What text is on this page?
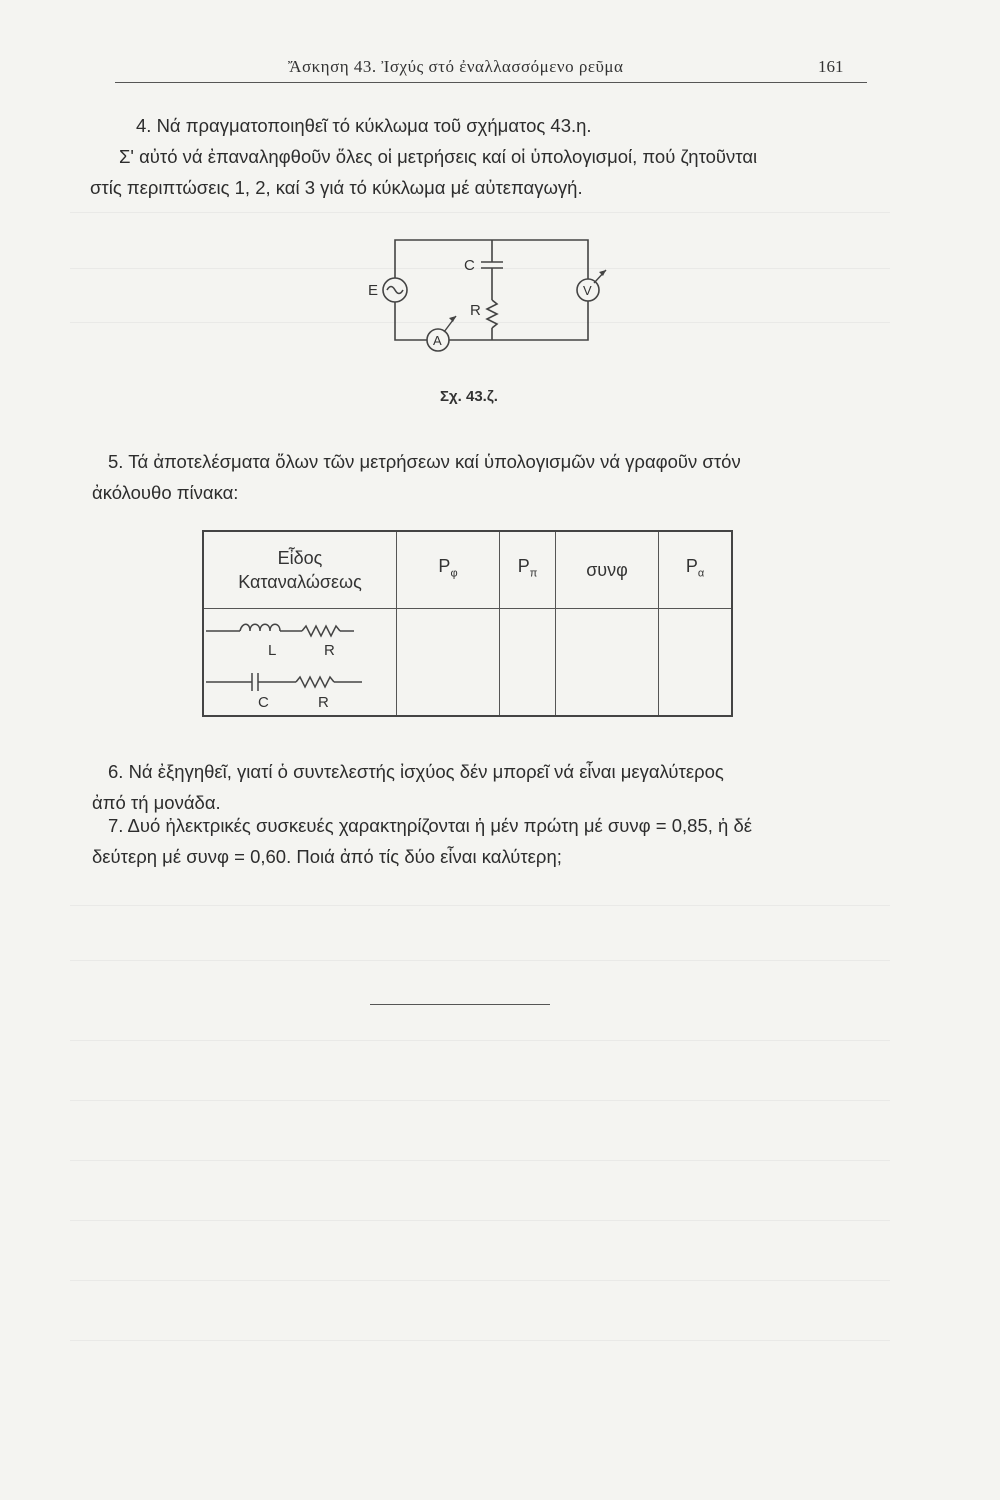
Ἄσκηση 43. Ἰσχύς στό ἐναλλασσόμενο ρεῦμα	161
4. Νά πραγματοποιηθεῖ τό κύκλωμα τοῦ σχήματος 43.η.
Σ' αὐτό νά ἐπαναληφθοῦν ὅλες οἱ μετρήσεις καί οἱ ὑπολογισμοί, πού ζητοῦνται
στίς περιπτώσεις 1, 2, καί 3 γιά τό κύκλωμα μέ αὐτεπαγωγή.
E
C
R
A
V
Σχ. 43.ζ.
5. Τά ἀποτελέσματα ὅλων τῶν μετρήσεων καί ὑπολογισμῶν νά γραφοῦν στόν
ἀκόλουθο πίνακα:
Εἶδος
Καταναλώσεως	$P_\varphi$	$P_\pi$	συνφ	$P_\alpha$

L R
C R				

6. Νά ἐξηγηθεῖ, γιατί ὁ συντελεστής ἰσχύος δέν μπορεῖ νά εἶναι μεγαλύτερος
ἀπό τή μονάδα.
7. Δυό ἠλεκτρικές συσκευές χαρακτηρίζονται ἡ μέν πρώτη μέ συνφ = 0,85, ἡ δέ
δεύτερη μέ συνφ = 0,60. Ποιά ἀπό τίς δύο εἶναι καλύτερη;
